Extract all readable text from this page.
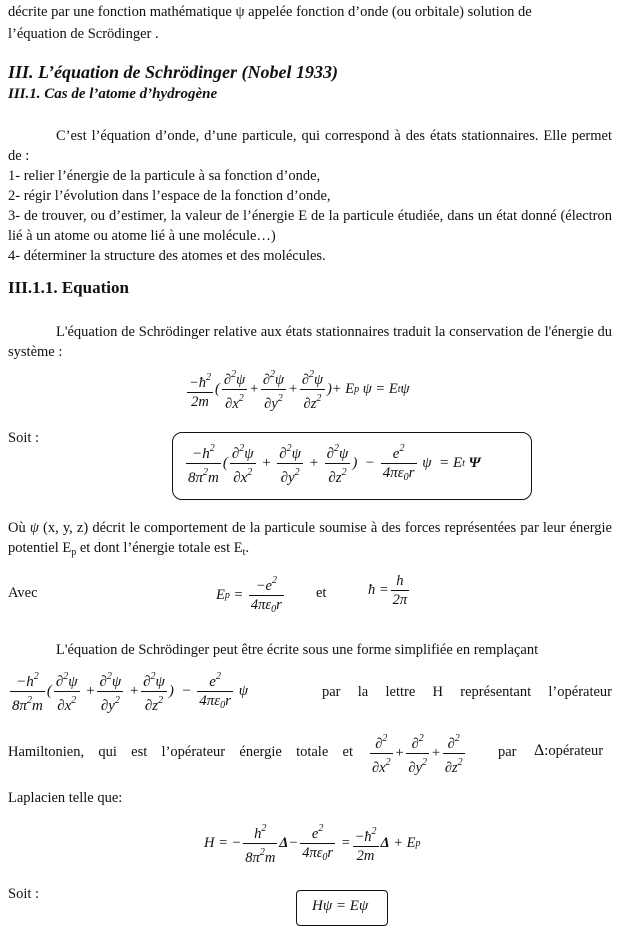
décrite par une fonction mathématique ψ appelée fonction d’onde (ou orbitale) solution de
l’équation de Scrödinger .
III. L’équation de Schrödinger (Nobel 1933)
III.1. Cas de l’atome d’hydrogène
C’est l’équation d’onde, d’une particule, qui correspond à des états stationnaires. Elle permet de :
1- relier l’énergie de la particule à sa fonction d’onde,
2- régir l’évolution dans l’espace de la fonction d’onde,
3- de trouver, ou d’estimer, la valeur de l’énergie E de la particule étudiée, dans un état donné (électron lié à un atome ou atome lié à une molécule…)
4- déterminer la structure des atomes et des molécules.
III.1.1. Equation
L'équation de Schrödinger relative aux états stationnaires traduit la conservation de l'énergie du système :
$-ħ^2$
2m
(
∂$^2$ψ
$\partial x^2$
+ $\frac{\partial^2\psi}{\partial y^2} + \frac{\partial^2\psi}{\partial z^2}$ )+ E p
ψ = E t ψ
Soit :
$-h^2$
$8\pi^2m$
(
∂$^2$ψ
$\partial x^2$
+ $\frac{\partial^2\psi}{\partial y^2} + \frac{\partial^2\psi}{\partial z^2}$ )  − $\frac{e^2}{4\pi\varepsilon_0r}$
ψ
= E t
Ψ
Où ψ (x, y, z) décrit le comportement de la particule soumise à des forces représentées par leur énergie potentiel $E_p$ et dont l’énergie totale est $E_t$.
Avec	E $p = \frac{-e^2}{4\pi\varepsilon_0r}$ et	ħ = $\frac{h}{2\pi}$
L'équation de Schrödinger peut être écrite sous une forme simplifiée en remplaçant
$-h^2$
$8\pi^2m$
(
∂$^2$ψ
$\partial x^2$
+ $\frac{\partial^2\psi}{\partial y^2} + \frac{\partial^2\psi}{\partial z^2}$ )  − $\frac{e^2}{4\pi\varepsilon_0r}$ ψ	par la lettre H représentant l’opérateur
Hamiltonien, qui est l’opérateur énergie totale et	∂$^2$
$\partial x^2$
+ $\frac{\partial^2}{\partial y^2} + \frac{\partial^2}{\partial z^2}$ par Δ:opérateur
Laplacien telle que:
H = − $\frac{h^2}{8\pi^2m}$ $\Delta - \frac{e^2}{4\pi\varepsilon_0r}$
= $\frac{-ħ^2}{2m}$ Δ
+ E p
Soit :
Hψ = Eψ
